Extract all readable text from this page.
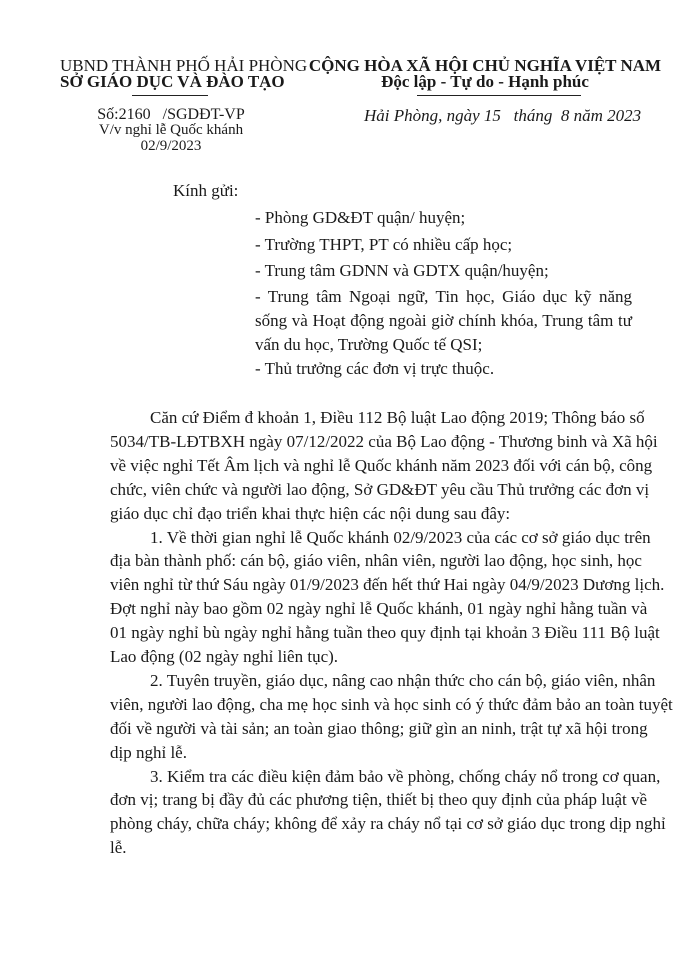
UBND THÀNH PHỐ HẢI PHÒNG
SỞ GIÁO DỤC VÀ ĐÀO TẠO
CỘNG HÒA XÃ HỘI CHỦ NGHĨA VIỆT NAM
Độc lập - Tự do - Hạnh phúc
Số:2160   /SGDĐT-VP
V/v nghỉ lễ Quốc khánh
02/9/2023
Hải Phòng, ngày 15   tháng  8 năm 2023
Kính gửi:
- Phòng GD&ĐT quận/ huyện;
- Trường THPT, PT có nhiều cấp học;
- Trung tâm GDNN và GDTX quận/huyện;
- Trung tâm Ngoại ngữ, Tin học, Giáo dục kỹ năng
sống và Hoạt động ngoài giờ chính khóa, Trung tâm tư
vấn du học, Trường Quốc tế QSI;
- Thủ trưởng các đơn vị trực thuộc.
Căn cứ Điểm đ khoản 1, Điều 112 Bộ luật Lao động 2019; Thông báo số
5034/TB-LĐTBXH ngày 07/12/2022 của Bộ Lao động - Thương binh và Xã hội
về việc nghỉ Tết Âm lịch và nghỉ lễ Quốc khánh năm 2023 đối với cán bộ, công
chức, viên chức và người lao động, Sở GD&ĐT yêu cầu Thủ trưởng các đơn vị
giáo dục chỉ đạo triển khai thực hiện các nội dung sau đây:
1. Về thời gian nghỉ lễ Quốc khánh 02/9/2023 của các cơ sở giáo dục trên
địa bàn thành phố: cán bộ, giáo viên, nhân viên, người lao động, học sinh, học
viên nghỉ từ thứ Sáu ngày 01/9/2023 đến hết thứ Hai ngày 04/9/2023 Dương lịch.
Đợt nghỉ này bao gồm 02 ngày nghỉ lễ Quốc khánh, 01 ngày nghỉ hằng tuần và
01 ngày nghỉ bù ngày nghỉ hằng tuần theo quy định tại khoản 3 Điều 111 Bộ luật
Lao động (02 ngày nghỉ liên tục).
2. Tuyên truyền, giáo dục, nâng cao nhận thức cho cán bộ, giáo viên, nhân
viên, người lao động, cha mẹ học sinh và học sinh có ý thức đảm bảo an toàn tuyệt
đối về người và tài sản; an toàn giao thông; giữ gìn an ninh, trật tự xã hội trong
dịp nghỉ lễ.
3. Kiểm tra các điều kiện đảm bảo về phòng, chống cháy nổ trong cơ quan,
đơn vị; trang bị đầy đủ các phương tiện, thiết bị theo quy định của pháp luật về
phòng cháy, chữa cháy; không để xảy ra cháy nổ tại cơ sở giáo dục trong dịp nghỉ
lễ.
